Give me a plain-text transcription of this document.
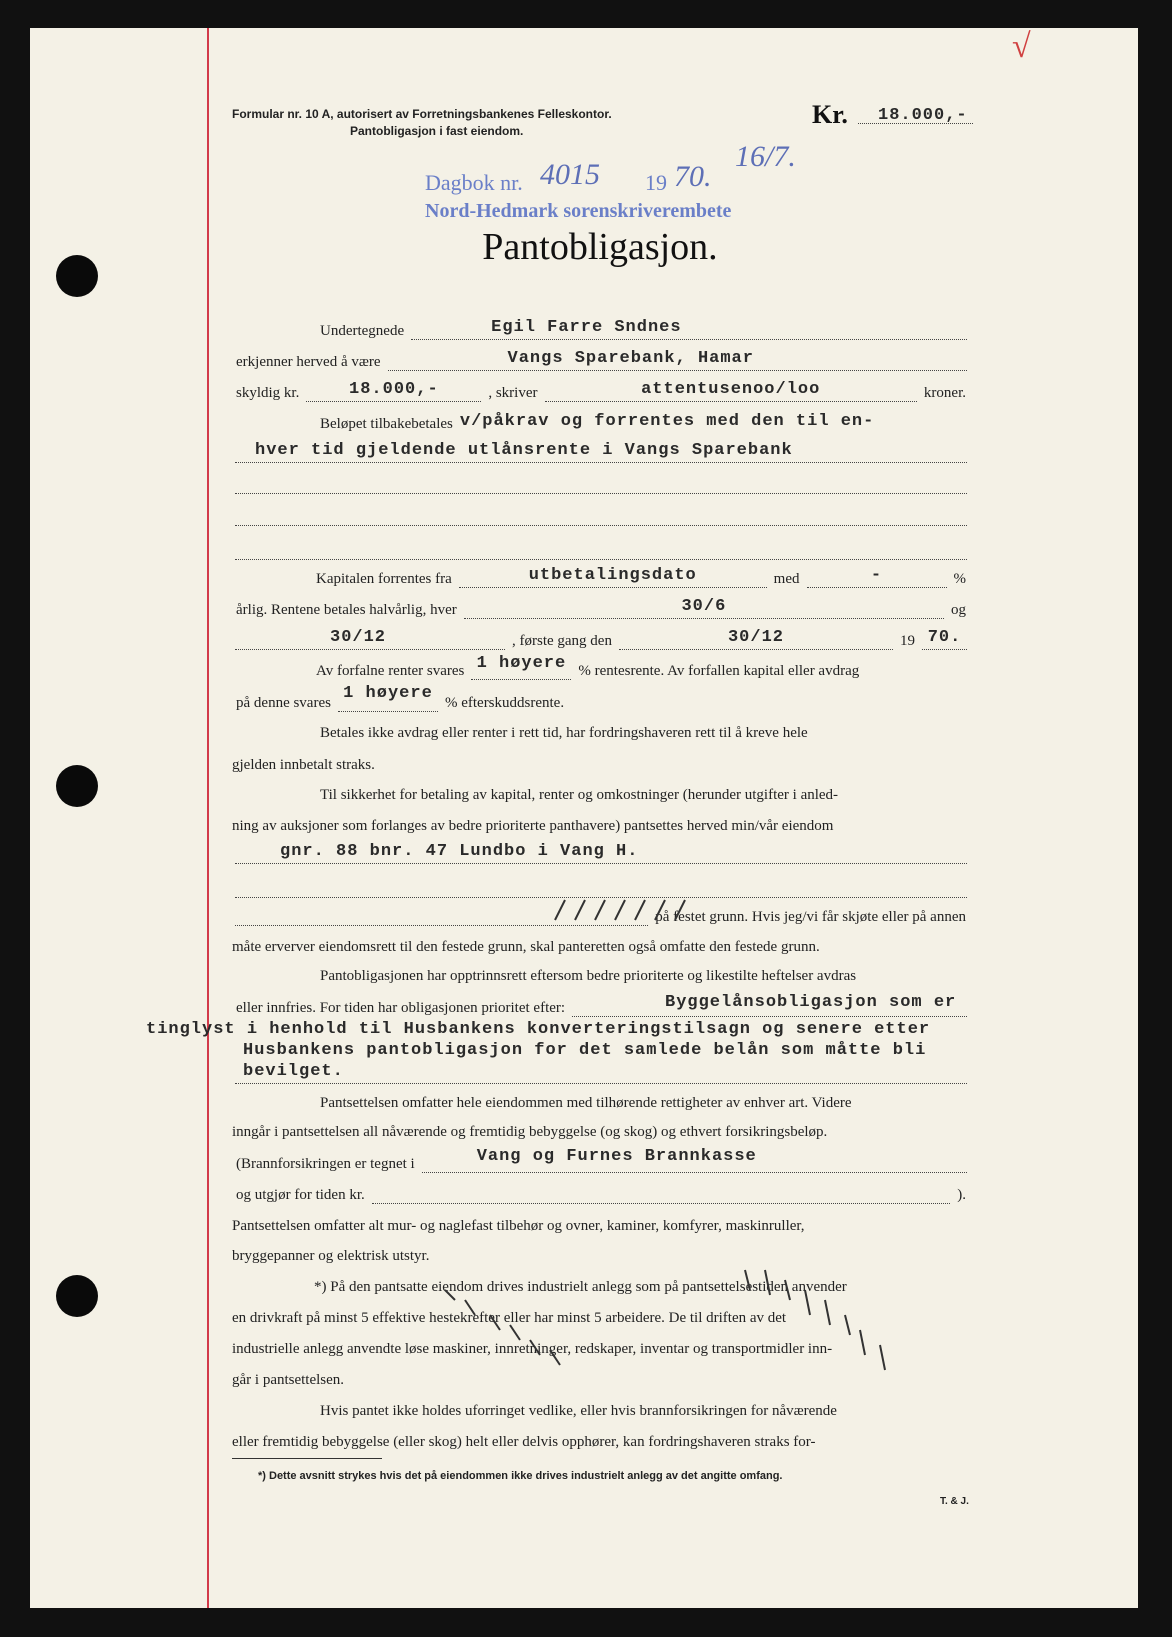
Formular nr. 10 A, autorisert av Forretningsbankenes Felleskontor.
Pantobligasjon i fast eiendom.
Kr. 18.000,-
√
Dagbok nr. 4015 19 70.
16/7.
Nord-Hedmark sorenskriverembete
Pantobligasjon.
Undertegnede	Egil Farre Sndnes
erkjenner herved å være	Vangs Sparebank, Hamar
skyldig kr.	18.000,-	, skriver	attentusenoo/loo	kroner.
Beløpet tilbakebetales v/påkrav og forrentes med den til en-
hver tid gjeldende utlånsrente i Vangs Sparebank
Kapitalen forrentes fra	utbetalingsdato	med	-	%
årlig. Rentene betales halvårlig, hver	30/6	og
30/12	, første gang den	30/12	19 70.
Av forfalne renter svares 1 høyere % rentesrente. Av forfallen kapital eller avdrag
på denne svares 1 høyere % efterskuddsrente.
Betales ikke avdrag eller renter i rett tid, har fordringshaveren rett til å kreve hele
gjelden innbetalt straks.
Til sikkerhet for betaling av kapital, renter og omkostninger (herunder utgifter i anled-
ning av auksjoner som forlanges av bedre prioriterte panthavere) pantsettes herved min/vår eiendom
gnr. 88 bnr. 47 Lundbo i Vang H.
på festet grunn. Hvis jeg/vi får skjøte eller på annen
måte erverver eiendomsrett til den festede grunn, skal panteretten også omfatte den festede grunn.
Pantobligasjonen har opptrinnsrett eftersom bedre prioriterte og likestilte heftelser avdras
eller innfries. For tiden har obligasjonen prioritet efter:	Byggelånsobligasjon som er
tinglyst i henhold til Husbankens konverteringstilsagn og senere etter
Husbankens pantobligasjon for det samlede belån som måtte bli
bevilget.
Pantsettelsen omfatter hele eiendommen med tilhørende rettigheter av enhver art. Videre
inngår i pantsettelsen all nåværende og fremtidig bebyggelse (og skog) og ethvert forsikringsbeløp.
(Brannforsikringen er tegnet i	Vang og Furnes Brannkasse
og utgjør for tiden kr.	).
Pantsettelsen omfatter alt mur- og naglefast tilbehør og ovner, kaminer, komfyrer, maskinruller,
bryggepanner og elektrisk utstyr.
*) På den pantsatte eiendom drives industrielt anlegg som på pantsettelsestiden anvender
en drivkraft på minst 5 effektive hestekrefter eller har minst 5 arbeidere. De til driften av det
industrielle anlegg anvendte løse maskiner, innretninger, redskaper, inventar og transportmidler inn-
går i pantsettelsen.
Hvis pantet ikke holdes uforringet vedlike, eller hvis brannforsikringen for nåværende
eller fremtidig bebyggelse (eller skog) helt eller delvis opphører, kan fordringshaveren straks for-
*) Dette avsnitt strykes hvis det på eiendommen ikke drives industrielt anlegg av det angitte omfang.
T. & J.
